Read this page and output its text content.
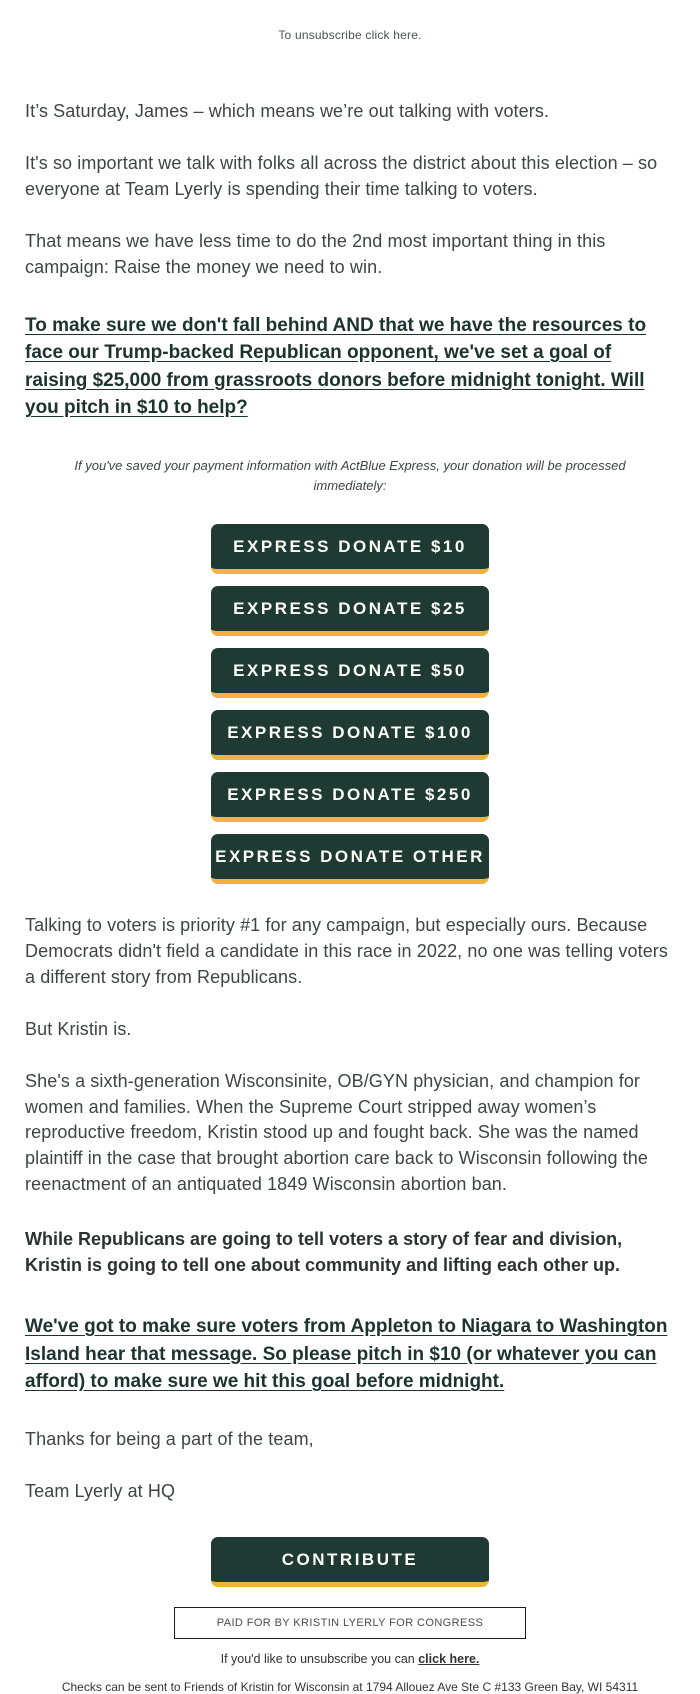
To unsubscribe click here.

It’s Saturday, James – which means we’re out talking with voters.

It's so important we talk with folks all across the district about this election – so everyone at Team Lyerly is spending their time talking to voters.

That means we have less time to do the 2nd most important thing in this campaign: Raise the money we need to win.

To make sure we don't fall behind AND that we have the resources to face our Trump-backed Republican opponent, we've set a goal of raising $25,000 from grassroots donors before midnight tonight. Will you pitch in $10 to help?

If you've saved your payment information with ActBlue Express, your donation will be processed immediately:

EXPRESS DONATE $10
EXPRESS DONATE $25
EXPRESS DONATE $50
EXPRESS DONATE $100
EXPRESS DONATE $250
EXPRESS DONATE OTHER

Talking to voters is priority #1 for any campaign, but especially ours. Because Democrats didn't field a candidate in this race in 2022, no one was telling voters a different story from Republicans.

But Kristin is.

She's a sixth-generation Wisconsinite, OB/GYN physician, and champion for women and families. When the Supreme Court stripped away women’s reproductive freedom, Kristin stood up and fought back. She was the named plaintiff in the case that brought abortion care back to Wisconsin following the reenactment of an antiquated 1849 Wisconsin abortion ban.

While Republicans are going to tell voters a story of fear and division, Kristin is going to tell one about community and lifting each other up.

We've got to make sure voters from Appleton to Niagara to Washington Island hear that message. So please pitch in $10 (or whatever you can afford) to make sure we hit this goal before midnight.

Thanks for being a part of the team,

Team Lyerly at HQ

CONTRIBUTE
PAID FOR BY KRISTIN LYERLY FOR CONGRESS

If you'd like to unsubscribe you can click here.

Checks can be sent to Friends of Kristin for Wisconsin at 1794 Allouez Ave Ste C #133 Green Bay, WI 54311
